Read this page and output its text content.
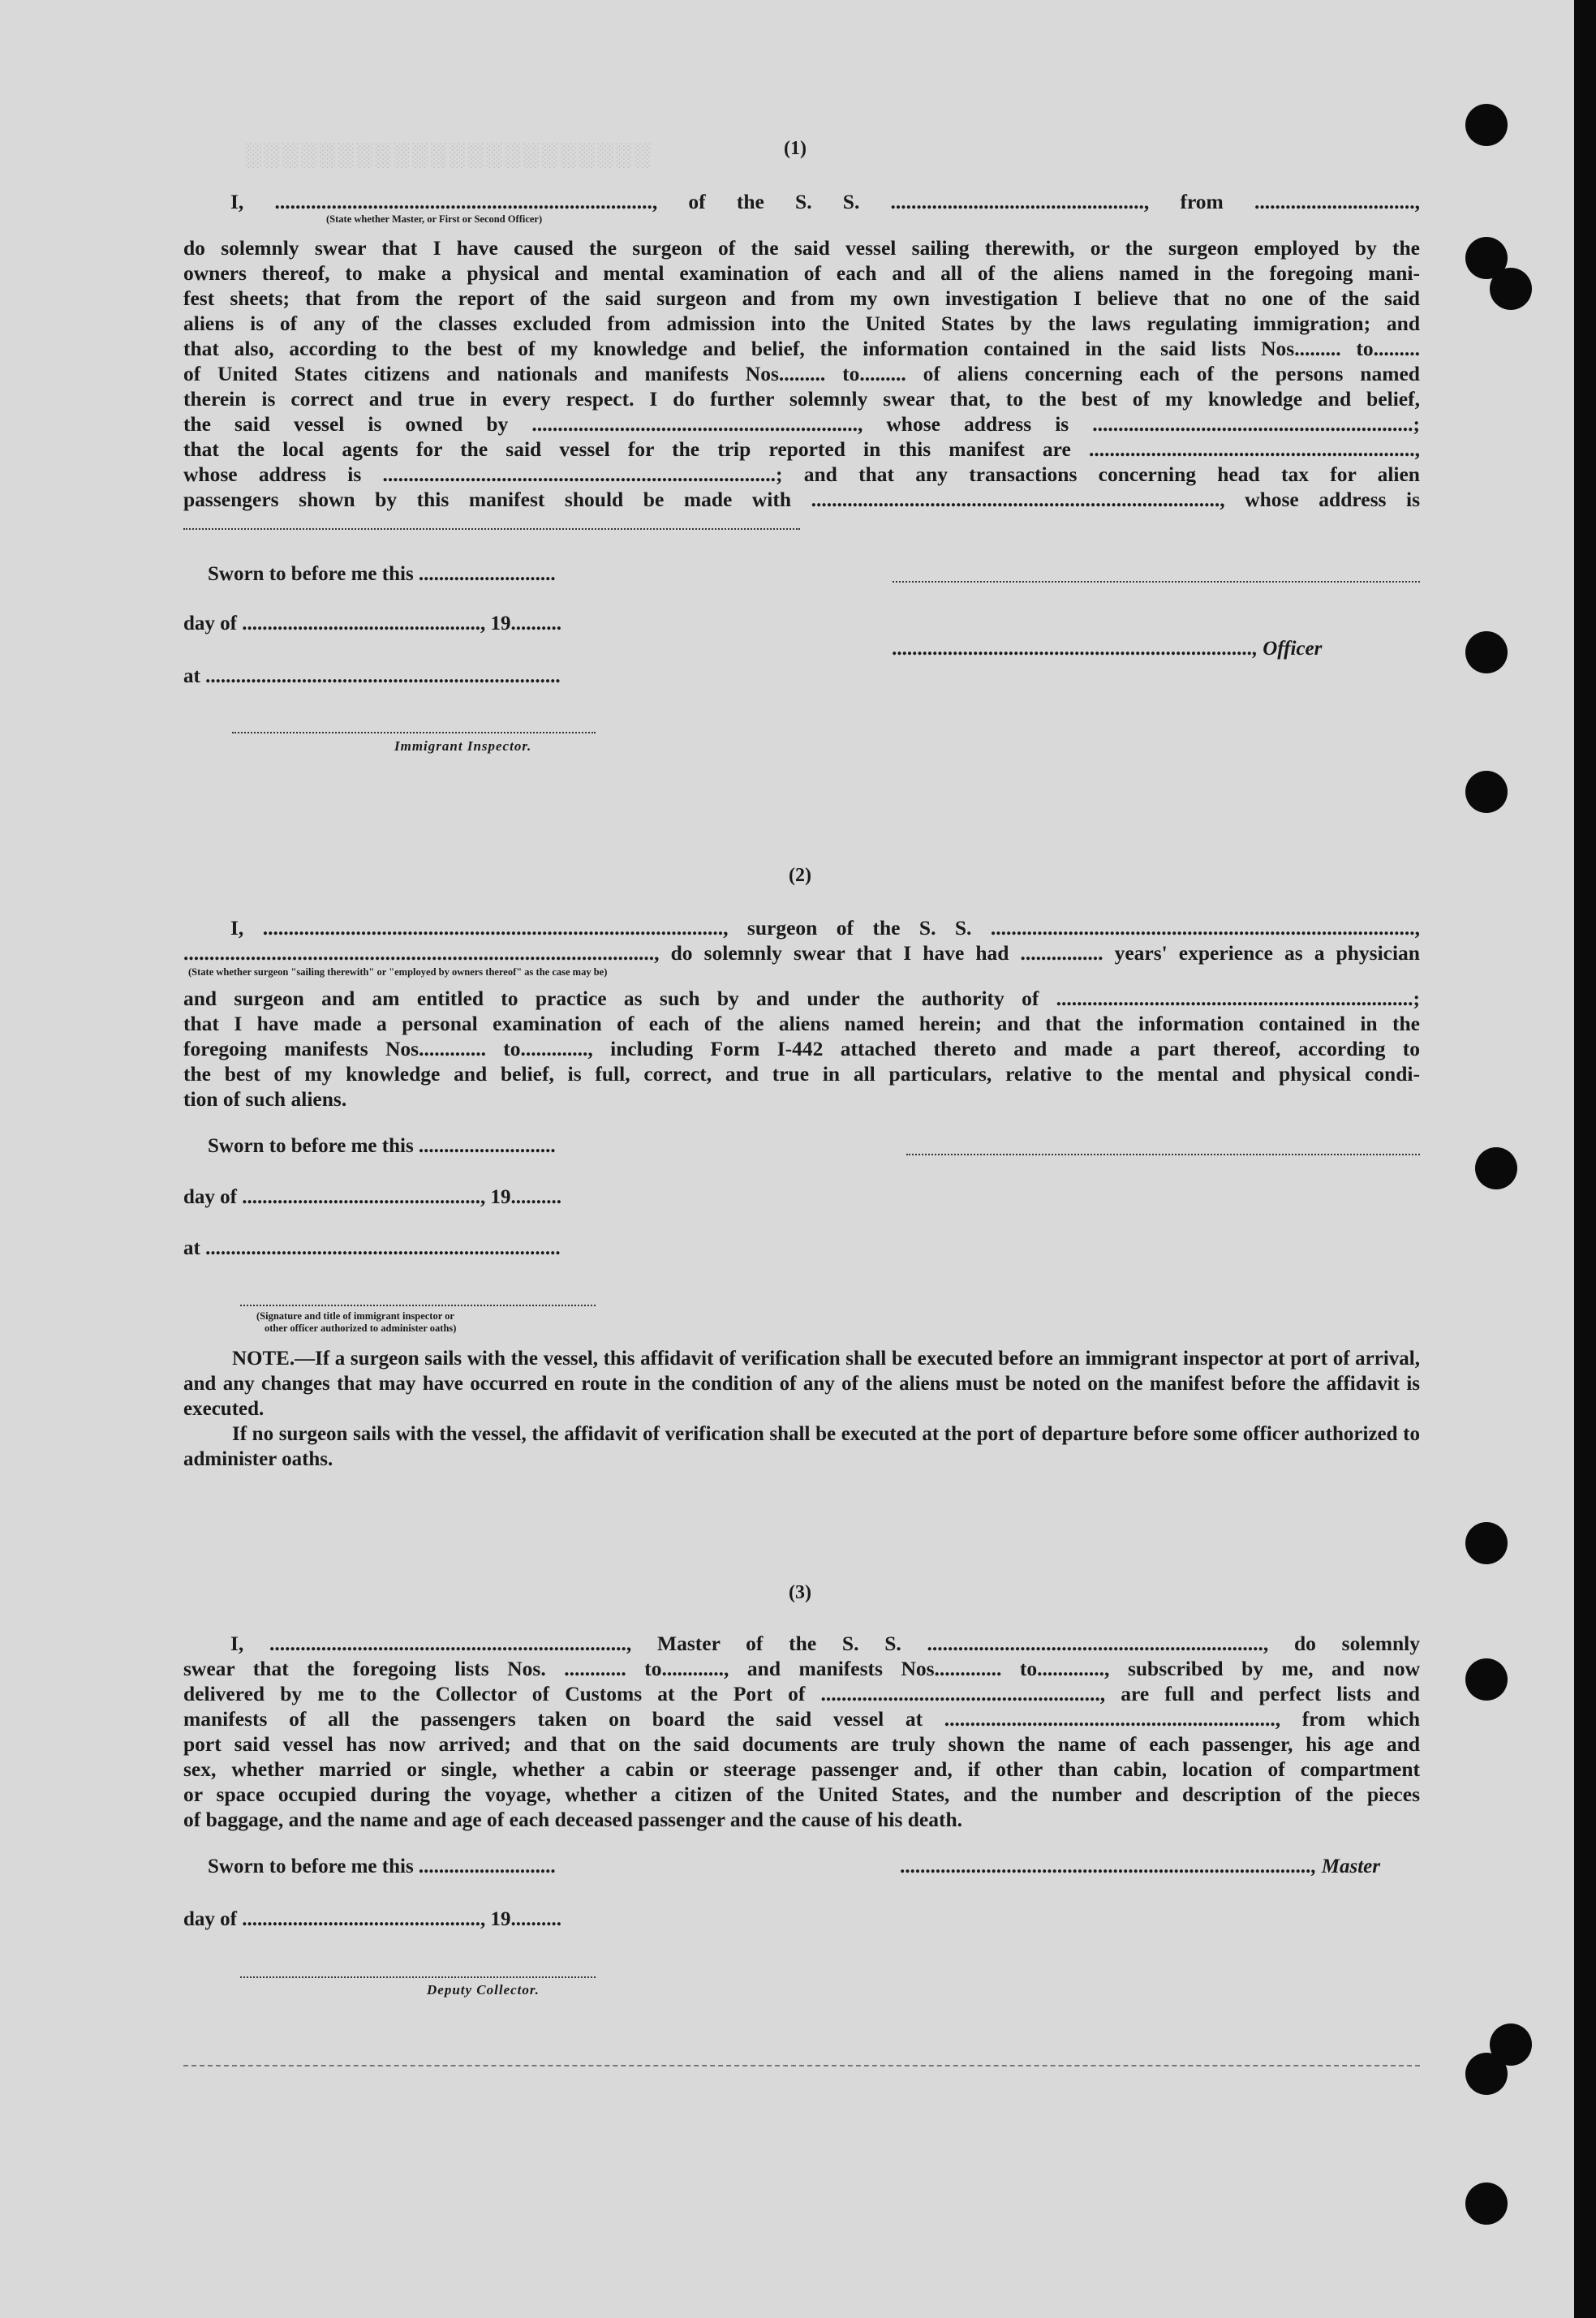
░░░░░░░░░░░░░░░░░░░░░░	(1)
I, ........................................................................., of the S. S. ................................................., from ...............................,
(State whether Master, or First or Second Officer)
do solemnly swear that I have caused the surgeon of the said vessel sailing therewith, or the surgeon employed by the
owners thereof, to make a physical and mental examination of each and all of the aliens named in the foregoing mani-
fest sheets; that from the report of the said surgeon and from my own investigation I believe that no one of the said
aliens is of any of the classes excluded from admission into the United States by the laws regulating immigration; and
that also, according to the best of my knowledge and belief, the information contained in the said lists Nos......... to.........
of United States citizens and nationals and manifests Nos......... to......... of aliens concerning each of the persons named
therein is correct and true in every respect. I do further solemnly swear that, to the best of my knowledge and belief,
the said vessel is owned by ..............................................................., whose address is ..............................................................;
that the local agents for the said vessel for the trip reported in this manifest are ...............................................................,
whose address is ............................................................................; and that any transactions concerning head tax for alien
passengers shown by this manifest should be made with ..............................................................................., whose address is
Sworn to before me this ...........................
day of ..............................................., 19..........
......................................................................., Officer
at ......................................................................
Immigrant Inspector.
(2)
I, ........................................................................................., surgeon of the S. S. ..................................................................................,
..........................................................................................., do solemnly swear that I have had ................ years' experience as a physician
(State whether surgeon "sailing therewith" or "employed by owners thereof" as the case may be)
and surgeon and am entitled to practice as such by and under the authority of .....................................................................;
that I have made a personal examination of each of the aliens named herein; and that the information contained in the
foregoing manifests Nos............. to............., including Form I-442 attached thereto and made a part thereof, according to
the best of my knowledge and belief, is full, correct, and true in all particulars, relative to the mental and physical condi-
tion of such aliens.
Sworn to before me this ...........................
day of ..............................................., 19..........
at ......................................................................
(Signature and title of immigrant inspector or
other officer authorized to administer oaths)

NOTE.—If a surgeon sails with the vessel, this affidavit of verification shall be executed before an immigrant inspector at port of arrival, and any changes that may have occurred en route in the condition of any of the aliens must be noted on the manifest before the affidavit is executed.

If no surgeon sails with the vessel, the affidavit of verification shall be executed at the port of departure before some officer authorized to administer oaths.

(3)
I, ....................................................................., Master of the S. S. ................................................................., do solemnly
swear that the foregoing lists Nos. ............ to............, and manifests Nos............. to............., subscribed by me, and now
delivered by me to the Collector of Customs at the Port of ......................................................, are full and perfect lists and
manifests of all the passengers taken on board the said vessel at ................................................................, from which
port said vessel has now arrived; and that on the said documents are truly shown the name of each passenger, his age and
sex, whether married or single, whether a cabin or steerage passenger and, if other than cabin, location of compartment
or space occupied during the voyage, whether a citizen of the United States, and the number and description of the pieces
of baggage, and the name and age of each deceased passenger and the cause of his death.
Sworn to before me this ...........................	................................................................................., Master
day of ..............................................., 19..........
Deputy Collector.
